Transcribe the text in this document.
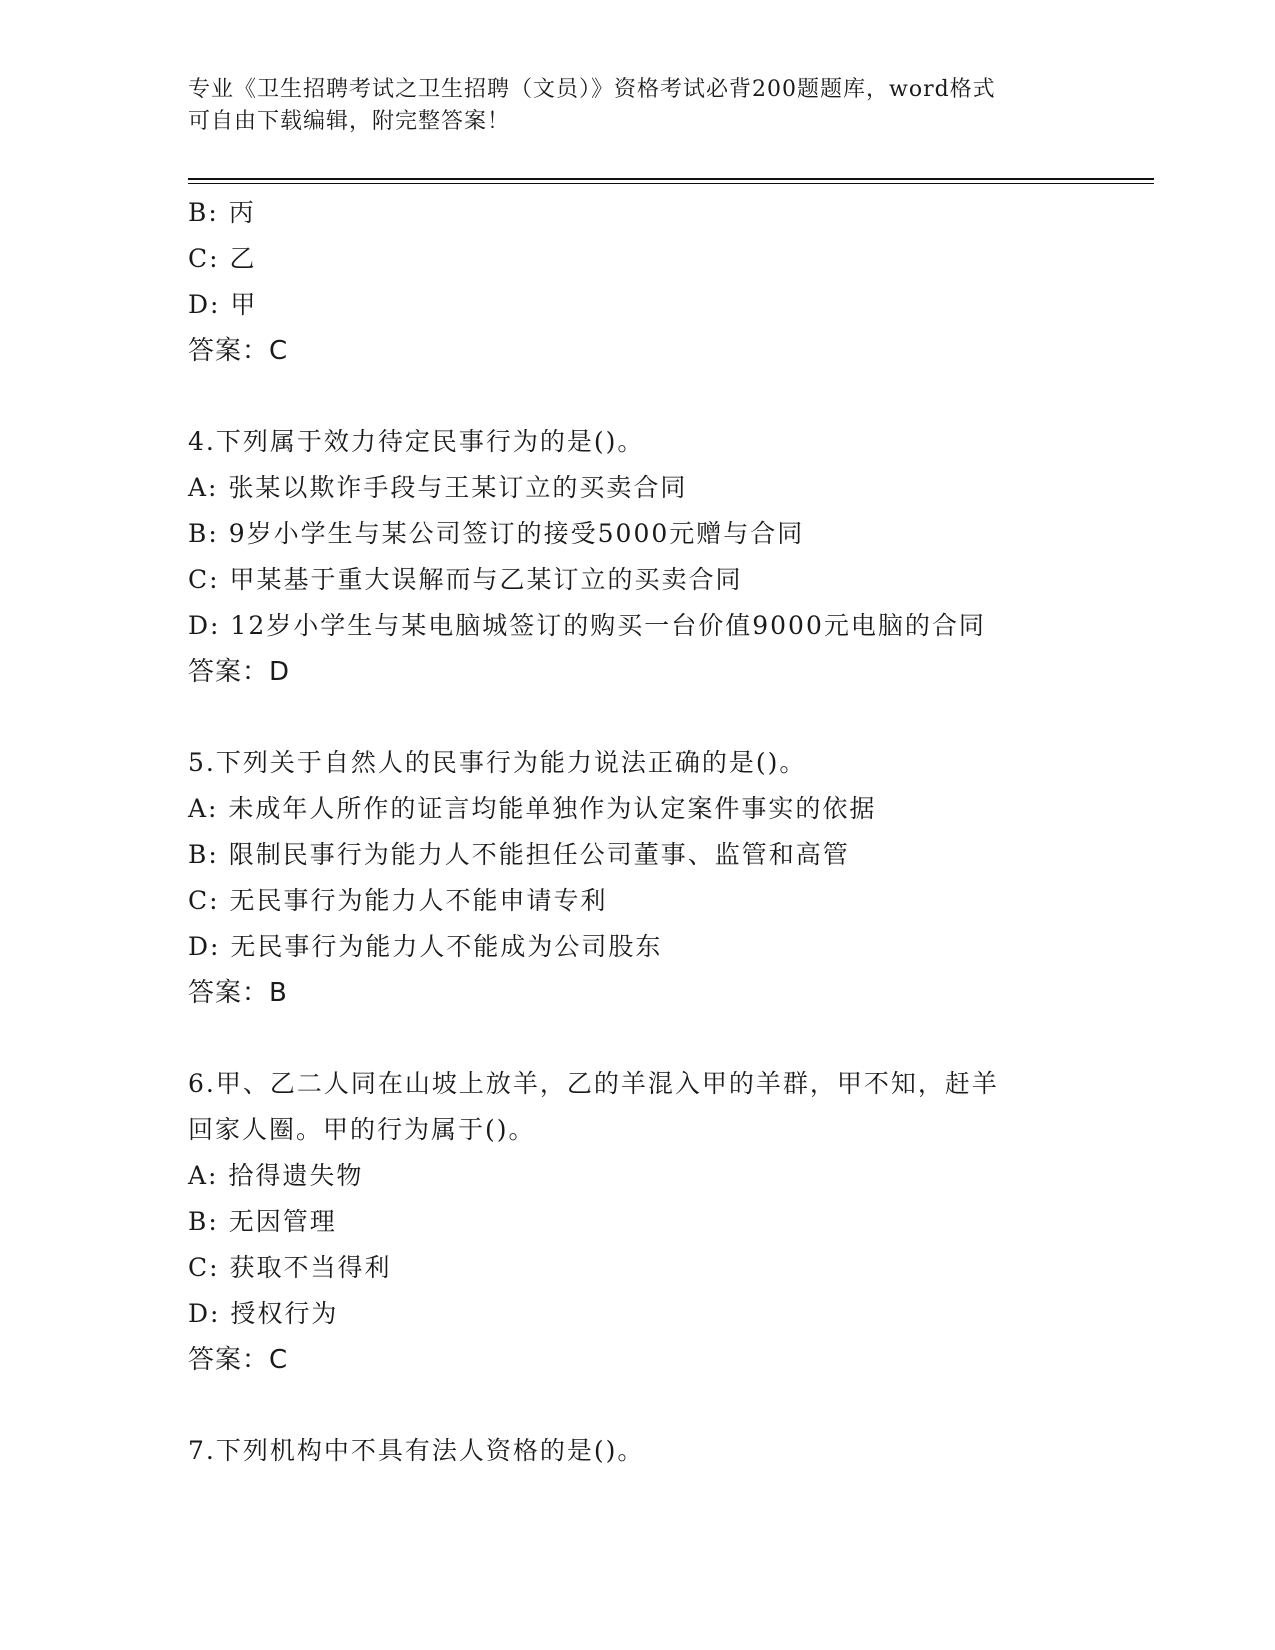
专业《卫生招聘考试之卫生招聘（文员）》资格考试必背200题题库，word格式
可自由下载编辑，附完整答案！
B: 丙
C: 乙
D: 甲
答案：C
4.下列属于效力待定民事行为的是()。
A: 张某以欺诈手段与王某订立的买卖合同
B: 9岁小学生与某公司签订的接受5000元赠与合同
C: 甲某基于重大误解而与乙某订立的买卖合同
D: 12岁小学生与某电脑城签订的购买一台价值9000元电脑的合同
答案：D
5.下列关于自然人的民事行为能力说法正确的是()。
A: 未成年人所作的证言均能单独作为认定案件事实的依据
B: 限制民事行为能力人不能担任公司董事、监管和高管
C: 无民事行为能力人不能申请专利
D: 无民事行为能力人不能成为公司股东
答案：B
6.甲、乙二人同在山坡上放羊，乙的羊混入甲的羊群，甲不知，赶羊
回家人圈。甲的行为属于()。
A: 拾得遗失物
B: 无因管理
C: 获取不当得利
D: 授权行为
答案：C
7.下列机构中不具有法人资格的是()。
